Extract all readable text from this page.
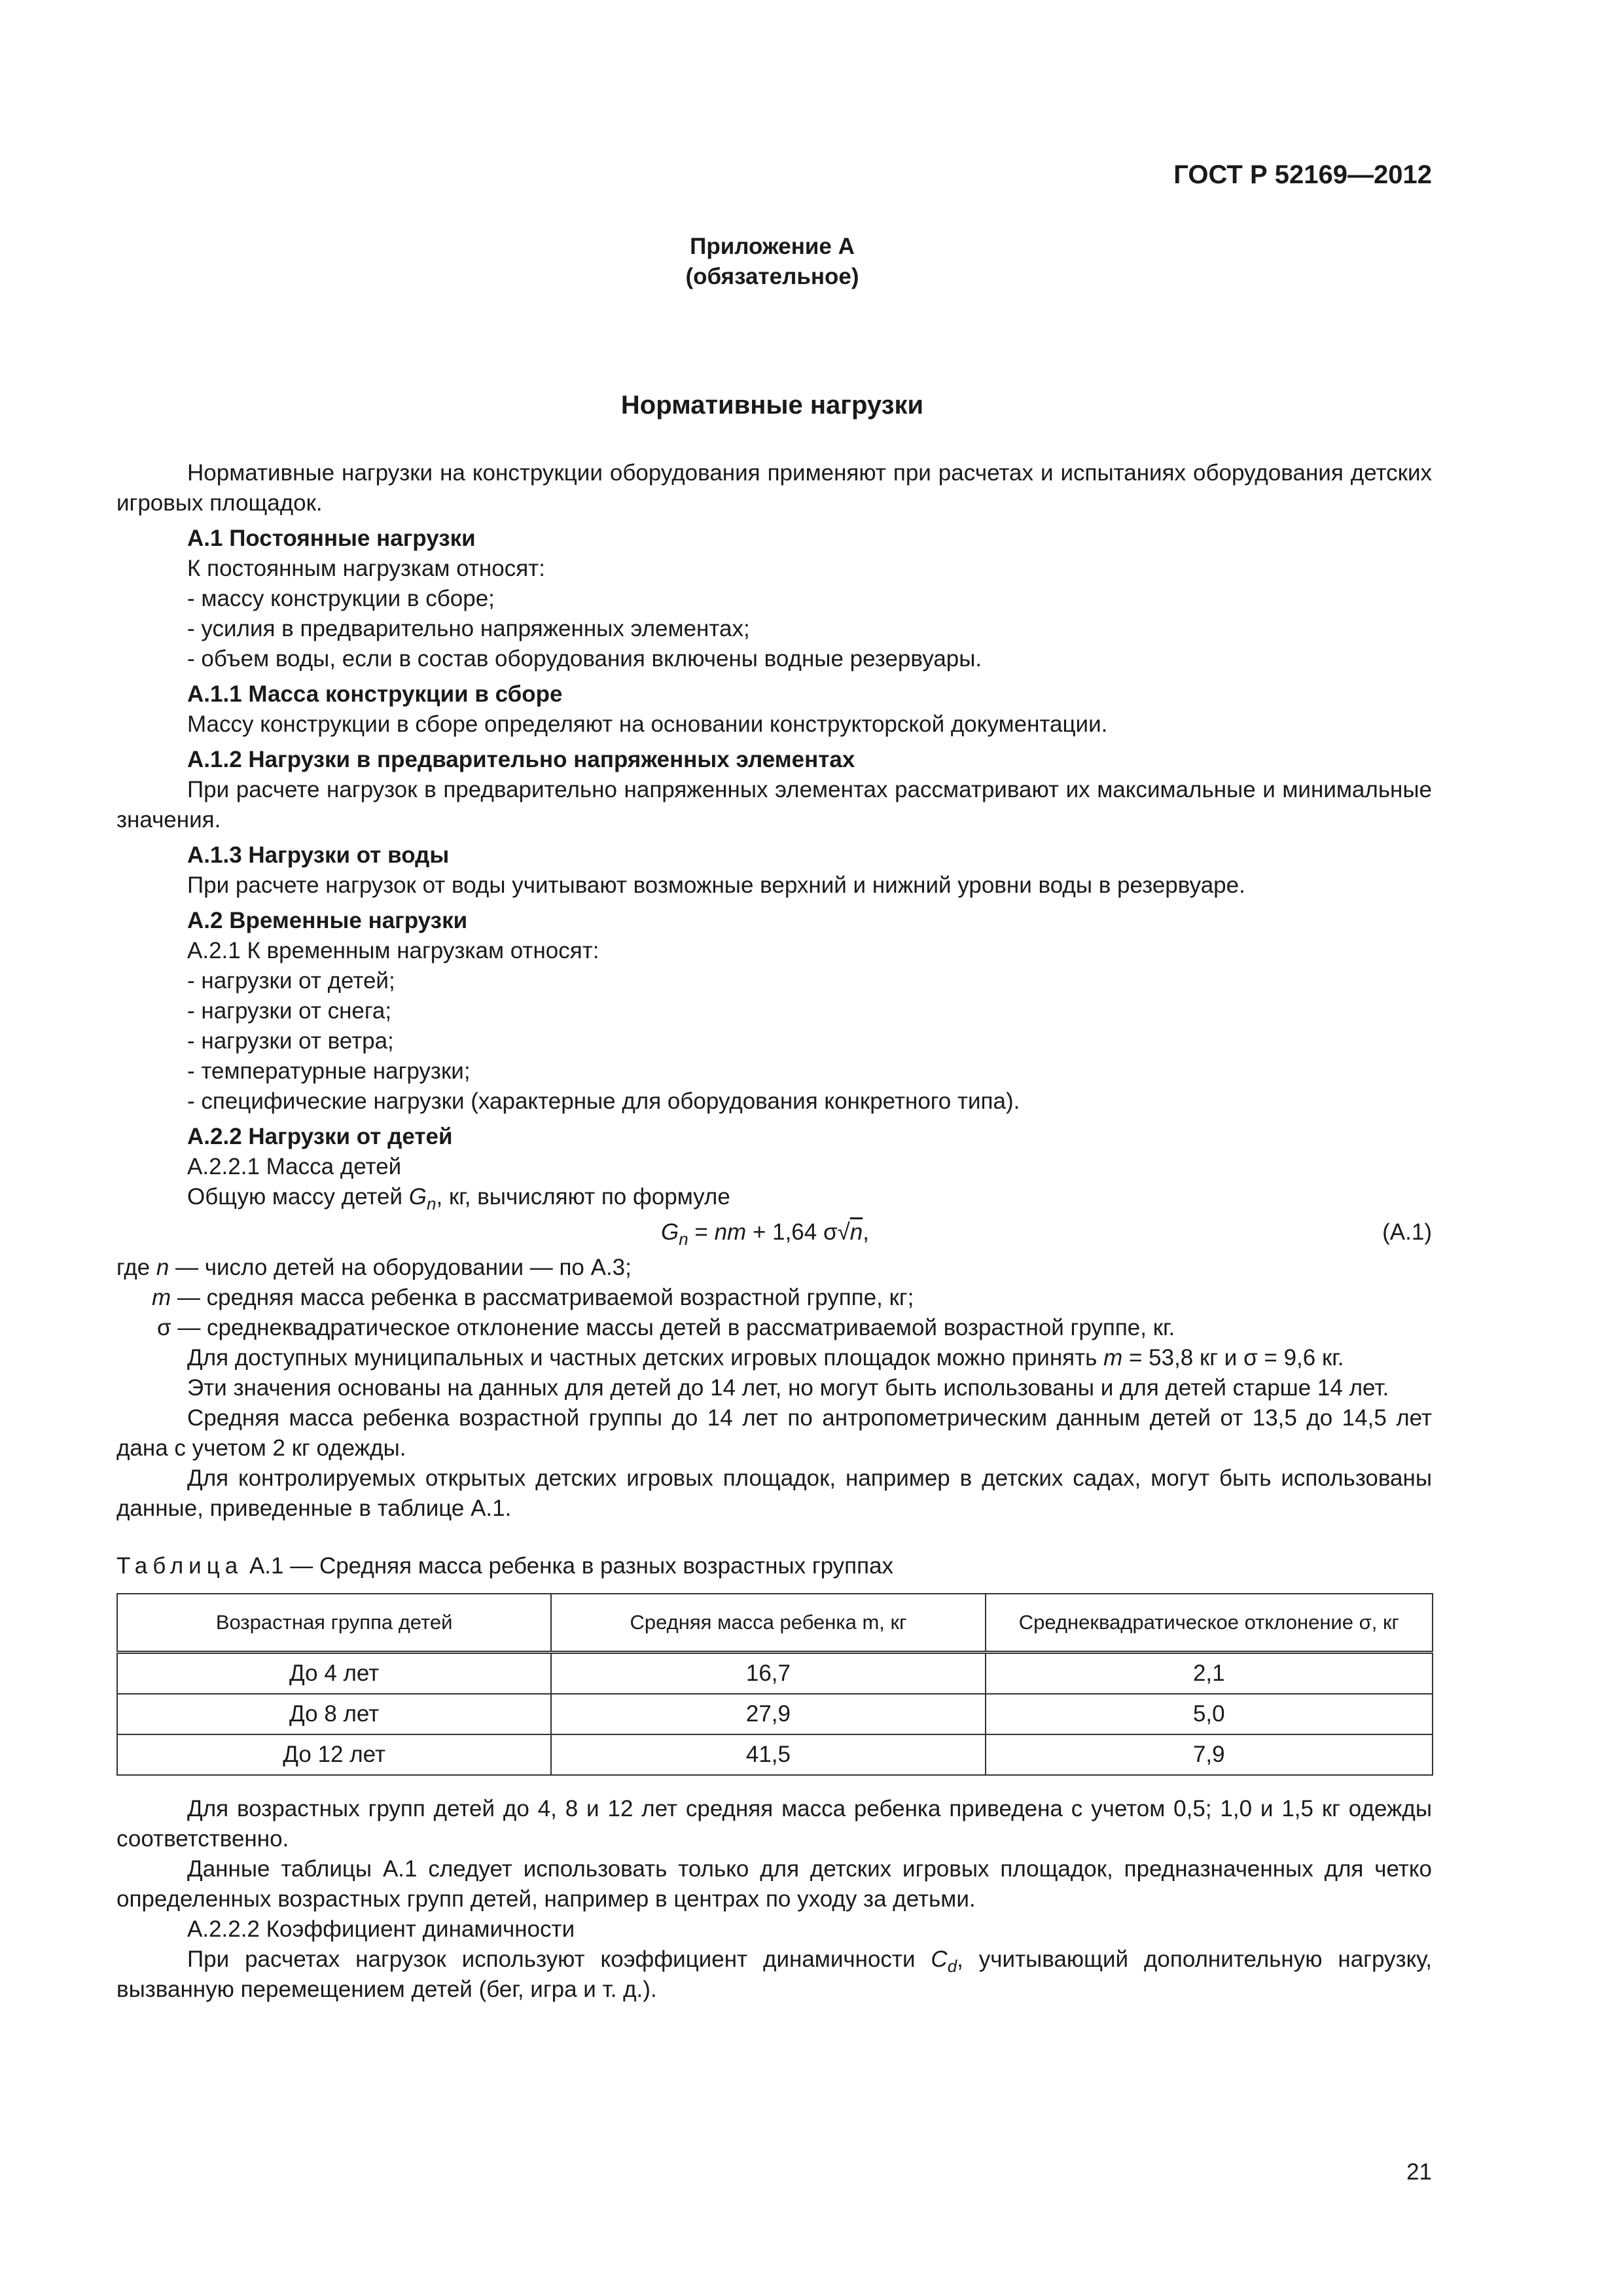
ГОСТ Р 52169—2012
Приложение А
(обязательное)
Нормативные нагрузки

Нормативные нагрузки на конструкции оборудования применяют при расчетах и испытаниях оборудования детских игровых площадок.

А.1 Постоянные нагрузки

К постоянным нагрузкам относят:

- массу конструкции в сборе;

- усилия в предварительно напряженных элементах;

- объем воды, если в состав оборудования включены водные резервуары.

А.1.1 Масса конструкции в сборе

Массу конструкции в сборе определяют на основании конструкторской документации.

А.1.2 Нагрузки в предварительно напряженных элементах

При расчете нагрузок в предварительно напряженных элементах рассматривают их максимальные и минимальные значения.

А.1.3 Нагрузки от воды

При расчете нагрузок от воды учитывают возможные верхний и нижний уровни воды в резервуаре.

А.2 Временные нагрузки

А.2.1 К временным нагрузкам относят:

- нагрузки от детей;

- нагрузки от снега;

- нагрузки от ветра;

- температурные нагрузки;

- специфические нагрузки (характерные для оборудования конкретного типа).

А.2.2 Нагрузки от детей

А.2.2.1 Масса детей

Общую массу детей $G_n$, кг, вычисляют по формуле

$G_n$ = nm + 1,64 σ√n,	(А.1)

где n — число детей на оборудовании — по А.3;

m — средняя масса ребенка в рассматриваемой возрастной группе, кг;

σ — среднеквадратическое отклонение массы детей в рассматриваемой возрастной группе, кг.

Для доступных муниципальных и частных детских игровых площадок можно принять m = 53,8 кг и σ = 9,6 кг.

Эти значения основаны на данных для детей до 14 лет, но могут быть использованы и для детей старше 14 лет.

Средняя масса ребенка возрастной группы до 14 лет по антропометрическим данным детей от 13,5 до 14,5 лет дана с учетом 2 кг одежды.

Для контролируемых открытых детских игровых площадок, например в детских садах, могут быть использованы данные, приведенные в таблице А.1.

Таблица А.1 — Средняя масса ребенка в разных возрастных группах

Возрастная группа детей	Средняя масса ребенка m, кг	Среднеквадратическое отклонение σ, кг
До 4 лет	16,7	2,1
До 8 лет	27,9	5,0
До 12 лет	41,5	7,9

Для возрастных групп детей до 4, 8 и 12 лет средняя масса ребенка приведена с учетом 0,5; 1,0 и 1,5 кг одежды соответственно.

Данные таблицы А.1 следует использовать только для детских игровых площадок, предназначенных для четко определенных возрастных групп детей, например в центрах по уходу за детьми.

А.2.2.2 Коэффициент динамичности

При расчетах нагрузок используют коэффициент динамичности $C_d$, учитывающий дополнительную нагрузку, вызванную перемещением детей (бег, игра и т. д.).

21
